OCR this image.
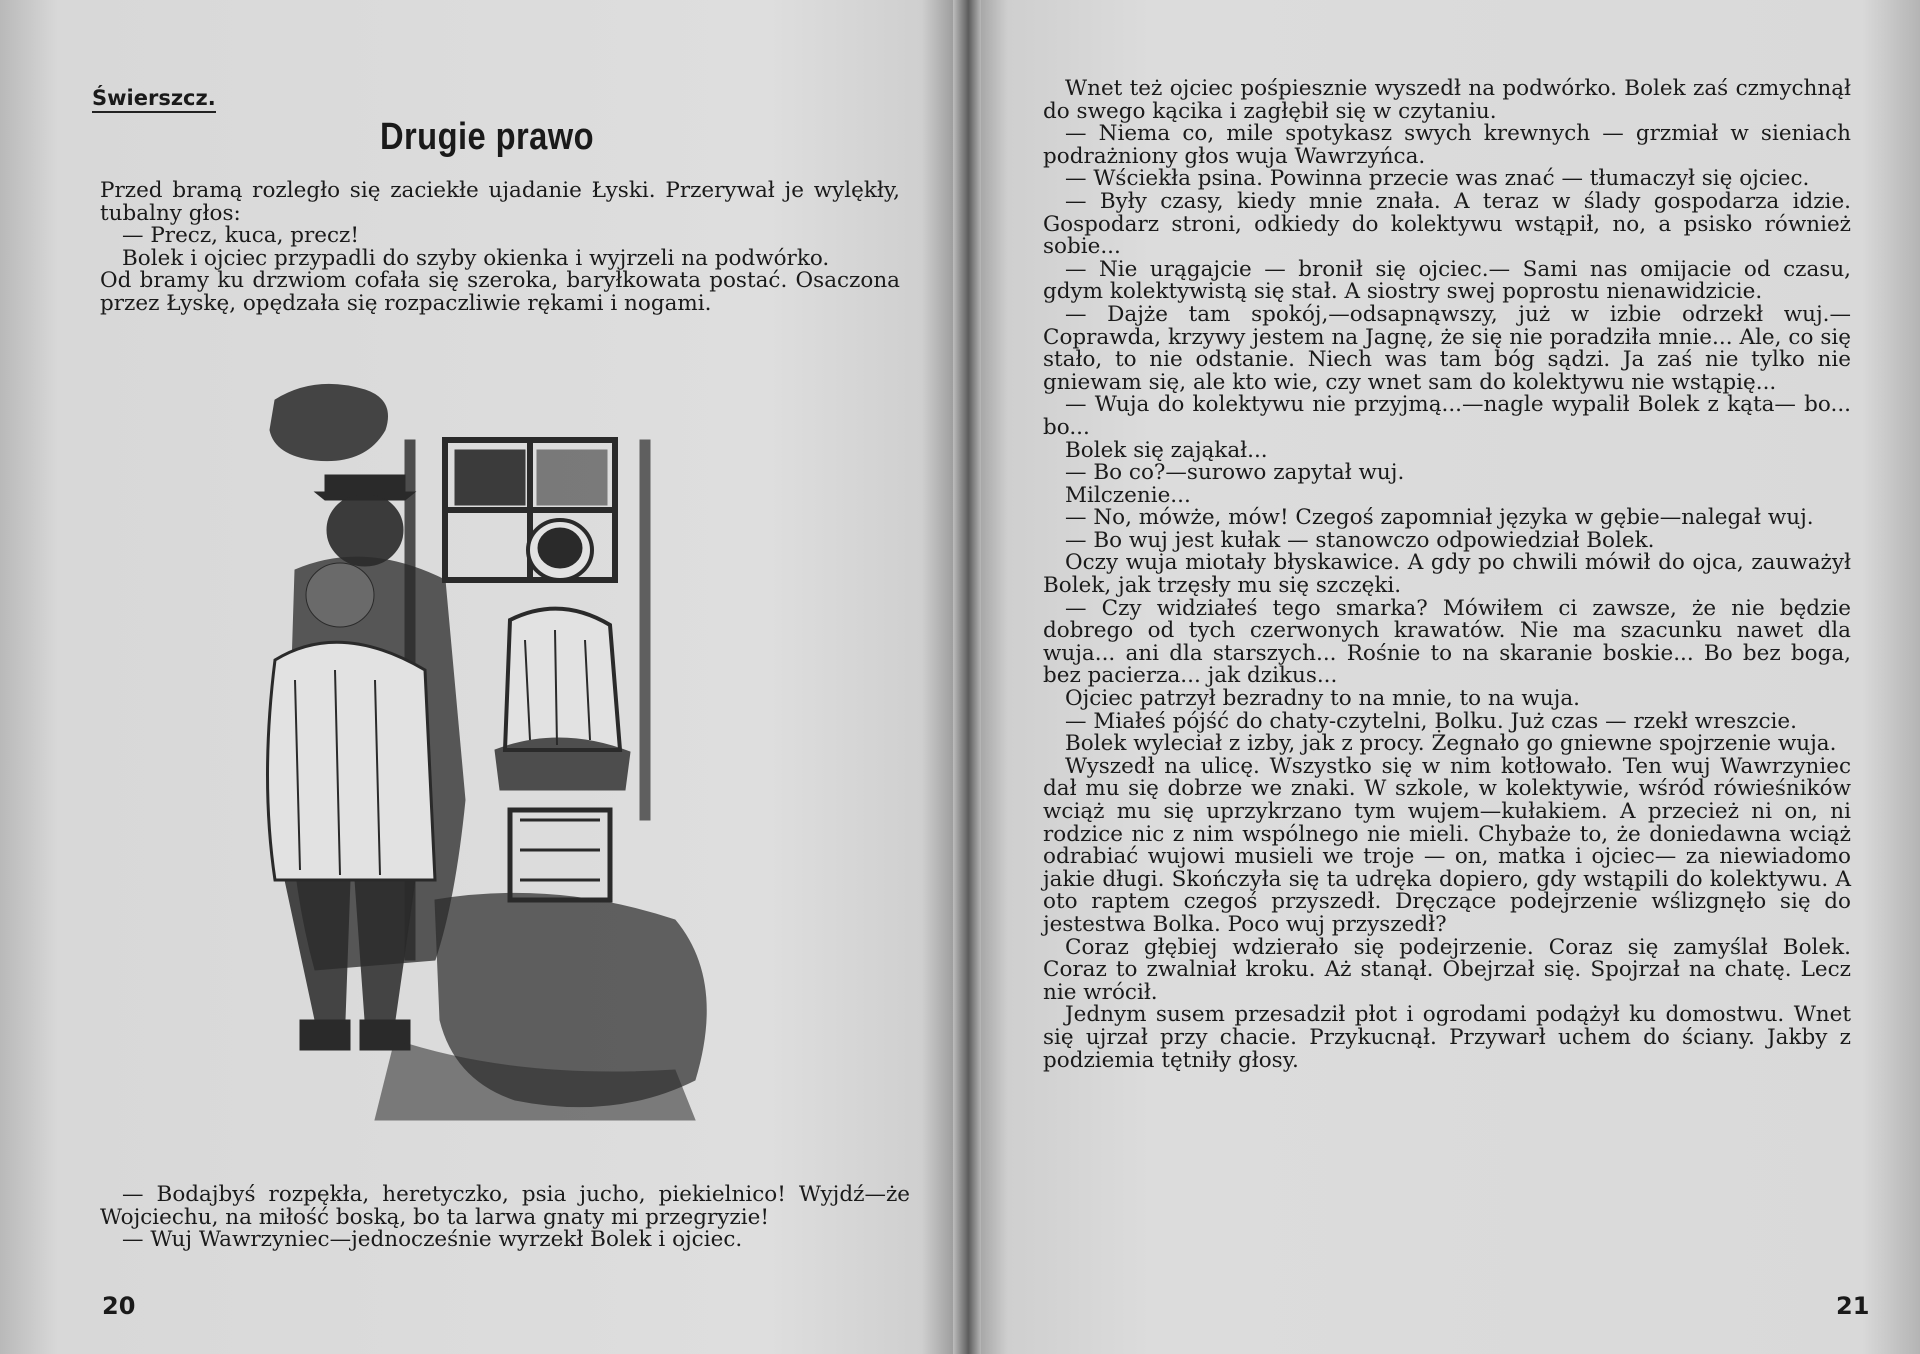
Świerszcz.
Drugie prawo

Przed bramą rozległo się zaciekłe ujadanie Łyski. Przerywał je wylękły, tubalny głos:

— Precz, kuca, precz!

Bolek i ojciec przypadli do szyby okienka i wyjrzeli na podwórko.

Od bramy ku drzwiom cofała się szeroka, baryłkowata postać. Osaczona przez Łyskę, opędzała się rozpaczliwie rękami i nogami.

— Bodajbyś rozpękła, heretyczko, psia jucho, piekielnico! Wyjdź—że Wojciechu, na miłość boską, bo ta larwa gnaty mi przegryzie!

— Wuj Wawrzyniec—jednocześnie wyrzekł Bolek i ojciec.

20

Wnet też ojciec pośpiesznie wyszedł na podwórko. Bolek zaś czmychnął do swego kącika i zagłębił się w czytaniu.

— Niema co, mile spotykasz swych krewnych — grzmiał w sieniach podrażniony głos wuja Wawrzyńca.

— Wściekła psina. Powinna przecie was znać — tłumaczył się ojciec.

— Były czasy, kiedy mnie znała. A teraz w ślady gospodarza idzie. Gospodarz stroni, odkiedy do kolektywu wstąpił, no, a psisko również sobie...

— Nie urągajcie — bronił się ojciec.— Sami nas omijacie od czasu, gdym kolektywistą się stał. A siostry swej poprostu nienawidzicie.

— Dajże tam spokój,—odsapnąwszy, już w izbie odrzekł wuj.—Coprawda, krzywy jestem na Jagnę, że się nie poradziła mnie... Ale, co się stało, to nie odstanie. Niech was tam bóg sądzi. Ja zaś nie tylko nie gniewam się, ale kto wie, czy wnet sam do kolektywu nie wstąpię...

— Wuja do kolektywu nie przyjmą...—nagle wypalił Bolek z kąta— bo... bo...

Bolek się zająkał...

— Bo co?—surowo zapytał wuj.

Milczenie...

— No, mówże, mów! Czegoś zapomniał języka w gębie—nalegał wuj.

— Bo wuj jest kułak — stanowczo odpowiedział Bolek.

Oczy wuja miotały błyskawice. A gdy po chwili mówił do ojca, zauważył Bolek, jak trzęsły mu się szczęki.

— Czy widziałeś tego smarka? Mówiłem ci zawsze, że nie będzie dobrego od tych czerwonych krawatów. Nie ma szacunku nawet dla wuja... ani dla starszych... Rośnie to na skaranie boskie... Bo bez boga, bez pacierza... jak dzikus...

Ojciec patrzył bezradny to na mnie, to na wuja.

— Miałeś pójść do chaty-czytelni, Bolku. Już czas — rzekł wreszcie.

Bolek wyleciał z izby, jak z procy. Żegnało go gniewne spojrzenie wuja.

Wyszedł na ulicę. Wszystko się w nim kotłowało. Ten wuj Wawrzyniec dał mu się dobrze we znaki. W szkole, w kolektywie, wśród rówieśników wciąż mu się uprzykrzano tym wujem—kułakiem. A przecież ni on, ni rodzice nic z nim wspólnego nie mieli. Chybaże to, że doniedawna wciąż odrabiać wujowi musieli we troje — on, matka i ojciec— za niewiadomo jakie długi. Skończyła się ta udręka dopiero, gdy wstąpili do kolektywu. A oto raptem czegoś przyszedł. Dręczące podejrzenie wślizgnęło się do jestestwa Bolka. Poco wuj przyszedł?

Coraz głębiej wdzierało się podejrzenie. Coraz się zamyślał Bolek. Coraz to zwalniał kroku. Aż stanął. Obejrzał się. Spojrzał na chatę. Lecz nie wrócił.

Jednym susem przesadził płot i ogrodami podążył ku domostwu. Wnet się ujrzał przy chacie. Przykucnął. Przywarł uchem do ściany. Jakby z podziemia tętniły głosy.

21
